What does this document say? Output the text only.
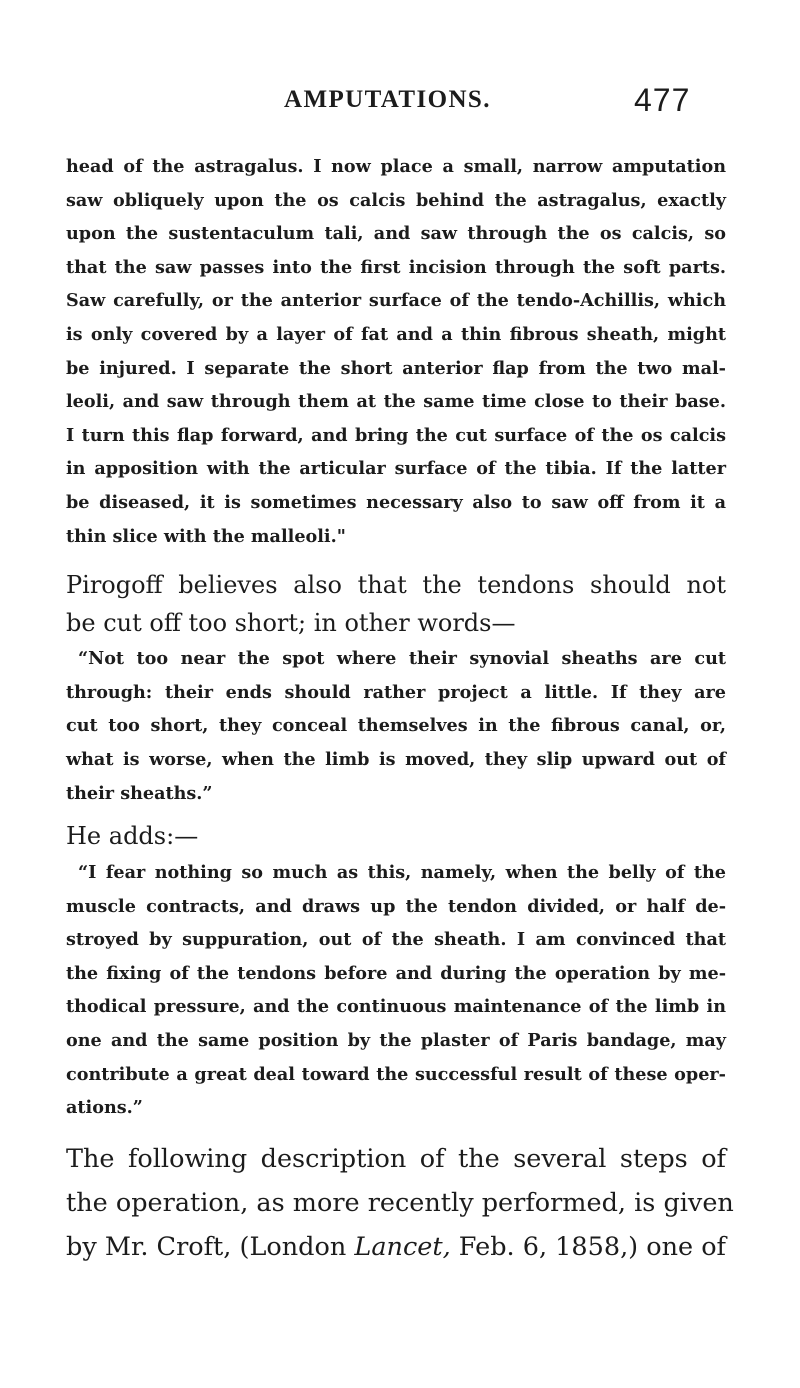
AMPUTATIONS.	477
head of the astragalus. I now place a small, narrow amputation
saw obliquely upon the os calcis behind the astragalus, exactly
upon the sustentaculum tali, and saw through the os calcis, so
that the saw passes into the first incision through the soft parts.
Saw carefully, or the anterior surface of the tendo-Achillis, which
is only covered by a layer of fat and a thin fibrous sheath, might
be injured. I separate the short anterior flap from the two mal-
leoli, and saw through them at the same time close to their base.
I turn this flap forward, and bring the cut surface of the os calcis
in apposition with the articular surface of the tibia. If the latter
be diseased, it is sometimes necessary also to saw off from it a
thin slice with the malleoli."
Pirogoff believes also that the tendons should not
be cut off too short; in other words—
“Not too near the spot where their synovial sheaths are cut
through: their ends should rather project a little. If they are
cut too short, they conceal themselves in the fibrous canal, or,
what is worse, when the limb is moved, they slip upward out of
their sheaths.”
He adds:—
“I fear nothing so much as this, namely, when the belly of the
muscle contracts, and draws up the tendon divided, or half de-
stroyed by suppuration, out of the sheath. I am convinced that
the fixing of the tendons before and during the operation by me-
thodical pressure, and the continuous maintenance of the limb in
one and the same position by the plaster of Paris bandage, may
contribute a great deal toward the successful result of these oper-
ations.”
The following description of the several steps of
the operation, as more recently performed, is given
by Mr. Croft, (London Lancet, Feb. 6, 1858,) one of
